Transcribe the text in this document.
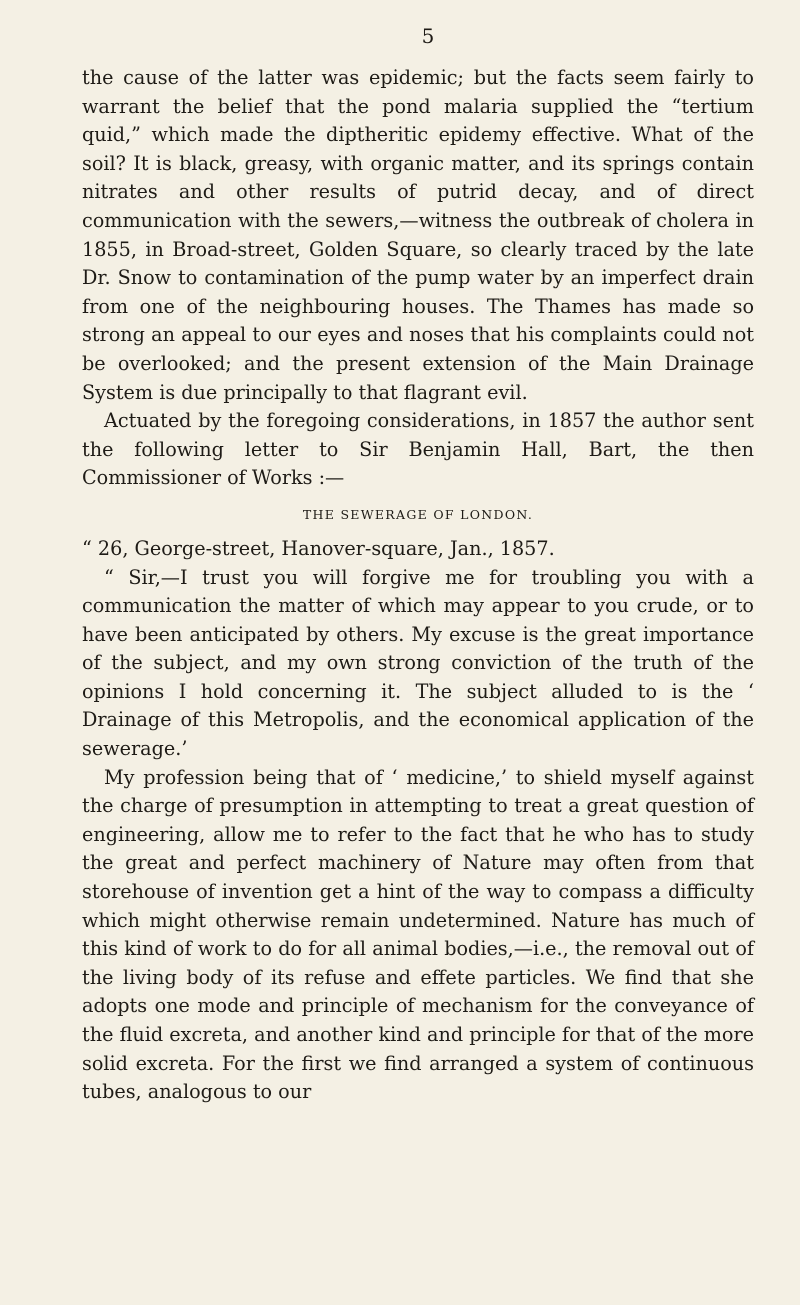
5

the cause of the latter was epidemic; but the facts seem fairly to warrant the belief that the pond malaria supplied the “tertium quid,” which made the diptheritic epidemy effective. What of the soil? It is black, greasy, with organic matter, and its springs contain nitrates and other results of putrid decay, and of direct communication with the sewers,—witness the outbreak of cholera in 1855, in Broad-street, Golden Square, so clearly traced by the late Dr. Snow to contamination of the pump water by an imperfect drain from one of the neighbouring houses. The Thames has made so strong an appeal to our eyes and noses that his complaints could not be overlooked; and the present extension of the Main Drainage System is due principally to that flagrant evil.

Actuated by the foregoing considerations, in 1857 the author sent the following letter to Sir Benjamin Hall, Bart, the then Commissioner of Works :—

THE SEWERAGE OF LONDON.

“ 26, George-street, Hanover-square, Jan., 1857.

“ Sir,—I trust you will forgive me for troubling you with a communication the matter of which may appear to you crude, or to have been anticipated by others. My excuse is the great importance of the subject, and my own strong conviction of the truth of the opinions I hold concerning it. The subject alluded to is the ‘ Drainage of this Metropolis, and the economical application of the sewerage.’

My profession being that of ‘ medicine,’ to shield myself against the charge of presumption in attempting to treat a great question of engineering, allow me to refer to the fact that he who has to study the great and perfect machinery of Nature may often from that storehouse of invention get a hint of the way to compass a difficulty which might otherwise remain undetermined. Nature has much of this kind of work to do for all animal bodies,—i.e., the removal out of the living body of its refuse and effete particles. We find that she adopts one mode and principle of mechanism for the conveyance of the fluid excreta, and another kind and principle for that of the more solid excreta. For the first we find arranged a system of continuous tubes, analogous to our
